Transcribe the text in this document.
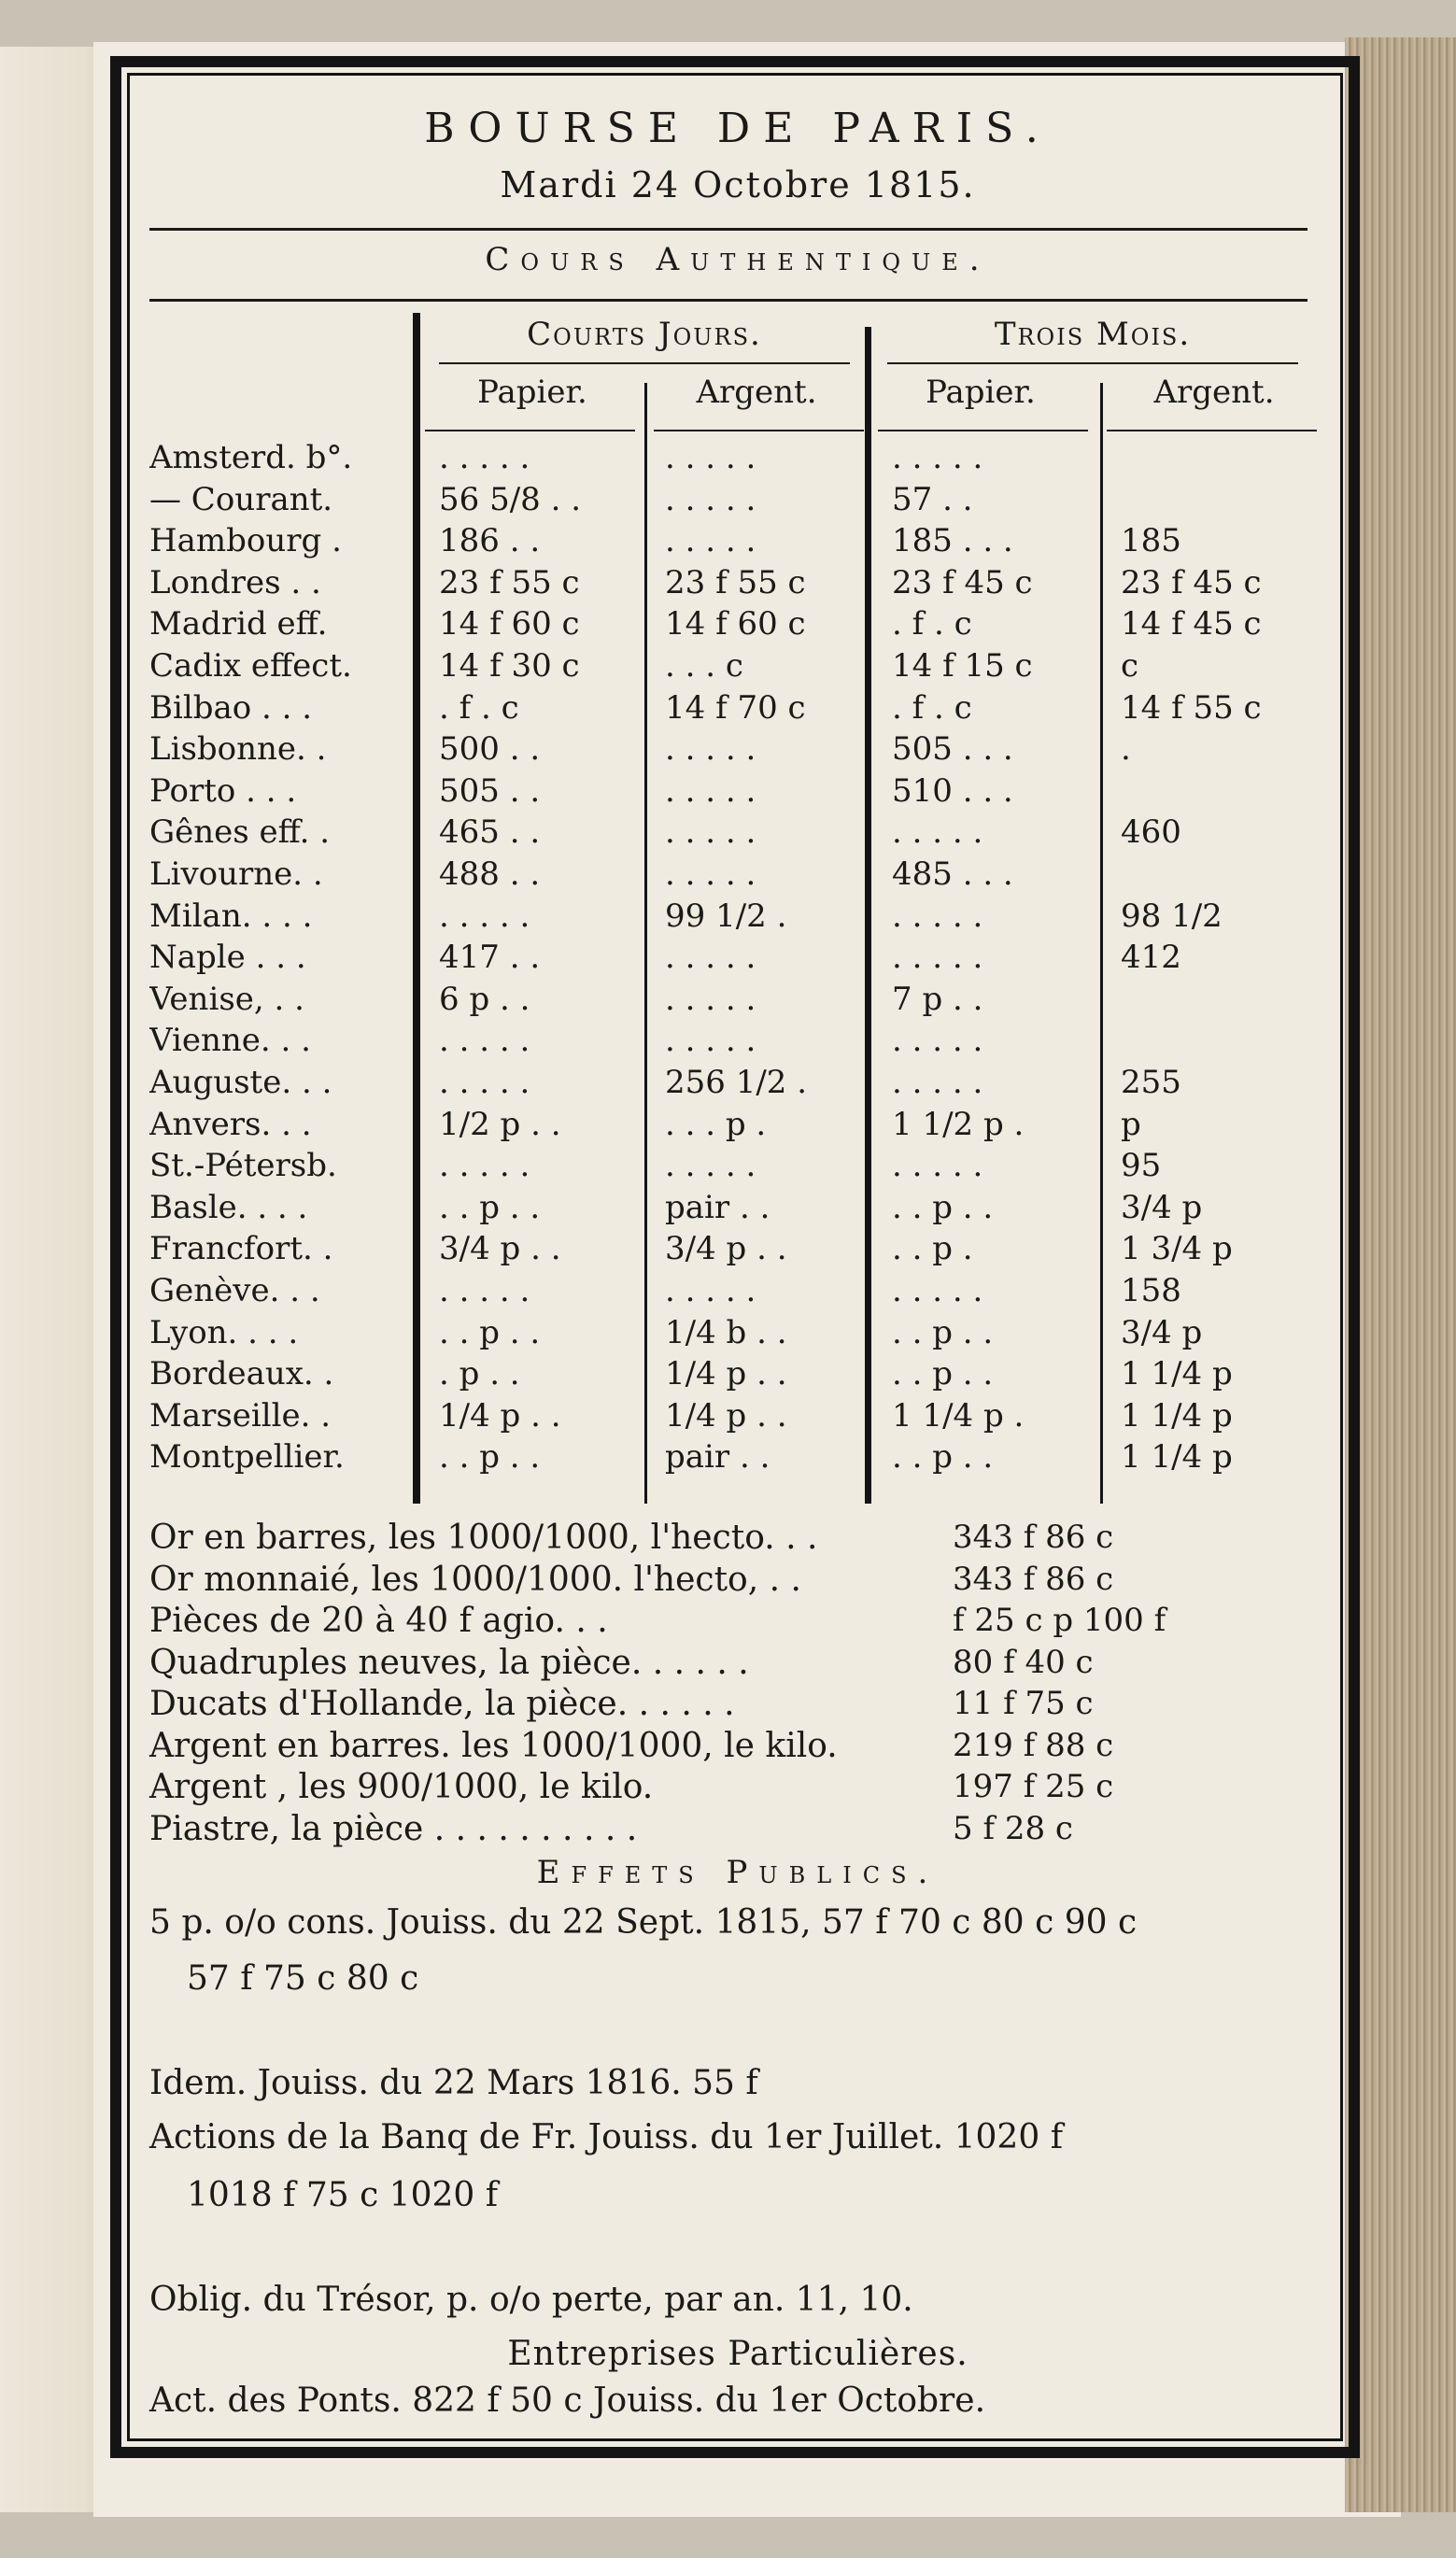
BOURSE DE PARIS.
Mardi 24 Octobre 1815.
Cours Authentique.
Courts Jours.	Trois Mois.
Papier.	Argent.	Papier.	Argent.
Amsterd. b°.	. . . . .	. . . . .	. . . . .
— Courant.	56 5/8 . .	. . . . .	57 . .
Hambourg .	186 . .	. . . . .	185 . . .	185
Londres . .	23 f 55 c	23 f 55 c	23 f 45 c	23 f 45 c
Madrid eff.	14 f 60 c	14 f 60 c	. f . c	14 f 45 c
Cadix effect.	14 f 30 c	. . . c	14 f 15 c	c
Bilbao . . .	. f . c	14 f 70 c	. f . c	14 f 55 c
Lisbonne. .	500 . .	. . . . .	505 . . .	.
Porto . . .	505 . .	. . . . .	510 . . .
Gênes eff. .	465 . .	. . . . .	. . . . .	460
Livourne. .	488 . .	. . . . .	485 . . .
Milan. . . .	. . . . .	99 1/2 .	. . . . .	98 1/2
Naple . . .	417 . .	. . . . .	. . . . .	412
Venise, . .	6 p . .	. . . . .	7 p . .
Vienne. . .	. . . . .	. . . . .	. . . . .
Auguste. . .	. . . . .	256 1/2 .	. . . . .	255
Anvers. . .	1/2 p . .	. . . p .	1 1/2 p .	p
St.-Pétersb.	. . . . .	. . . . .	. . . . .	95
Basle. . . .	. . p . .	pair . .	. . p . .	3/4 p
Francfort. .	3/4 p . .	3/4 p . .	. . p .	1 3/4 p
Genève. . .	. . . . .	. . . . .	. . . . .	158
Lyon. . . .	. . p . .	1/4 b . .	. . p . .	3/4 p
Bordeaux. .	. p . .	1/4 p . .	. . p . .	1 1/4 p
Marseille. .	1/4 p . .	1/4 p . .	1 1/4 p .	1 1/4 p
Montpellier.	. . p . .	pair . .	. . p . .	1 1/4 p
Or en barres, les 1000/1000, l'hecto. . .	343 f 86 c
Or monnaié, les 1000/1000. l'hecto, . .	343 f 86 c
Pièces de 20 à 40 f agio. . .	f 25 c p 100 f
Quadruples neuves, la pièce. . . . . .	80 f 40 c
Ducats d'Hollande, la pièce. . . . . .	11 f 75 c
Argent en barres. les 1000/1000, le kilo.	219 f 88 c
Argent , les 900/1000, le kilo.	197 f 25 c
Piastre, la pièce . . . . . . . . . .	5 f 28 c
Effets Publics.
5 p. o/o cons. Jouiss. du 22 Sept. 1815, 57 f 70 c 80 c 90 c
57 f 75 c 80 c
Idem. Jouiss. du 22 Mars 1816. 55 f
Actions de la Banq de Fr. Jouiss. du 1er Juillet. 1020 f
1018 f 75 c 1020 f
Oblig. du Trésor, p. o/o perte, par an. 11, 10.
Entreprises Particulières.
Act. des Ponts. 822 f 50 c Jouiss. du 1er Octobre.
